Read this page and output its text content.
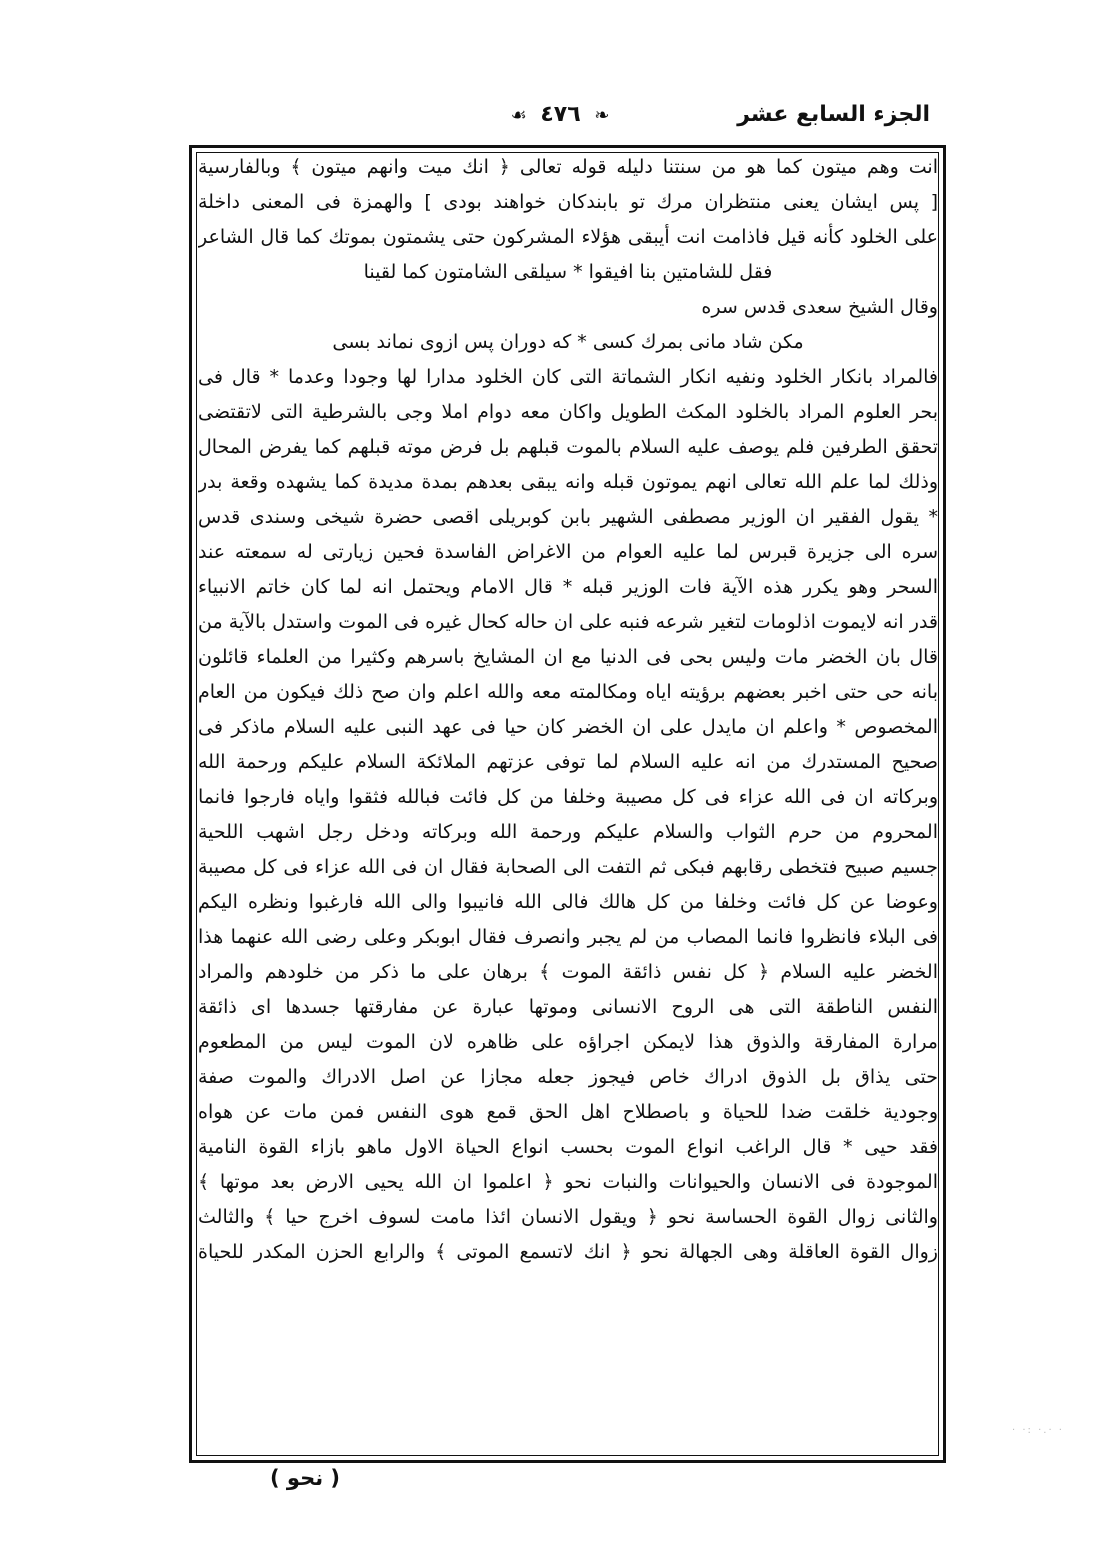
الجزء السابع عشر
❧ ٤٧٦ ☙
انت وهم ميتون كما هو من سنتنا دليله قوله تعالى ﴿ انك ميت وانهم ميتون ﴾ وبالفارسية
[ پس ايشان يعنى منتظران مرك تو بابندكان خواهند بودى ] والهمزة فى المعنى داخلة
على الخلود كأنه قيل فاذامت انت أيبقى هؤلاء المشركون حتى يشمتون بموتك كما قال الشاعر
فقل للشامتين بنا افيقوا * سيلقى الشامتون كما لقينا
وقال الشيخ سعدى قدس سره
مكن شاد مانى بمرك كسى * كه دوران پس ازوى نماند بسى
فالمراد بانكار الخلود ونفيه انكار الشماتة التى كان الخلود مدارا لها وجودا وعدما * قال فى
بحر العلوم المراد بالخلود المكث الطويل واكان معه دوام املا وجى بالشرطية التى لاتقتضى
تحقق الطرفين فلم يوصف عليه السلام بالموت قبلهم بل فرض موته قبلهم كما يفرض المحال
وذلك لما علم الله تعالى انهم يموتون قبله وانه يبقى بعدهم بمدة مديدة كما يشهده وقعة بدر
* يقول الفقير ان الوزير مصطفى الشهير بابن كوبريلى اقصى حضرة شيخى وسندى قدس
سره الى جزيرة قبرس لما عليه العوام من الاغراض الفاسدة فحين زيارتى له سمعته عند
السحر وهو يكرر هذه الآية فات الوزير قبله * قال الامام ويحتمل انه لما كان خاتم الانبياء
قدر انه لايموت اذلومات لتغير شرعه فنبه على ان حاله كحال غيره فى الموت واستدل بالآية من
قال بان الخضر مات وليس بحى فى الدنيا مع ان المشايخ باسرهم وكثيرا من العلماء قائلون
بانه حى حتى اخبر بعضهم برؤيته اياه ومكالمته معه والله اعلم وان صح ذلك فيكون من العام
المخصوص * واعلم ان مايدل على ان الخضر كان حيا فى عهد النبى عليه السلام ماذكر فى
صحيح المستدرك من انه عليه السلام لما توفى عزتهم الملائكة السلام عليكم ورحمة الله
وبركاته ان فى الله عزاء فى كل مصيبة وخلفا من كل فائت فبالله فثقوا واياه فارجوا فانما
المحروم من حرم الثواب والسلام عليكم ورحمة الله وبركاته ودخل رجل اشهب اللحية
جسيم صبيح فتخطى رقابهم فبكى ثم التفت الى الصحابة فقال ان فى الله عزاء فى كل مصيبة
وعوضا عن كل فائت وخلفا من كل هالك فالى الله فانيبوا والى الله فارغبوا ونظره اليكم
فى البلاء فانظروا فانما المصاب من لم يجبر وانصرف فقال ابوبكر وعلى رضى الله عنهما هذا
الخضر عليه السلام ﴿ كل نفس ذائقة الموت ﴾ برهان على ما ذكر من خلودهم والمراد
النفس الناطقة التى هى الروح الانسانى وموتها عبارة عن مفارقتها جسدها اى ذائقة
مرارة المفارقة والذوق هذا لايمكن اجراؤه على ظاهره لان الموت ليس من المطعوم
حتى يذاق بل الذوق ادراك خاص فيجوز جعله مجازا عن اصل الادراك والموت صفة
وجودية خلقت ضدا للحياة و باصطلاح اهل الحق قمع هوى النفس فمن مات عن هواه
فقد حيى * قال الراغب انواع الموت بحسب انواع الحياة الاول ماهو بازاء القوة النامية
الموجودة فى الانسان والحيوانات والنبات نحو ﴿ اعلموا ان الله يحيى الارض بعد موتها ﴾
والثانى زوال القوة الحساسة نحو ﴿ ويقول الانسان ائذا مامت لسوف اخرج حيا ﴾ والثالث
زوال القوة العاقلة وهى الجهالة نحو ﴿ انك لاتسمع الموتى ﴾ والرابع الحزن المكدر للحياة
( نحو )
· ·: ·.· ·
